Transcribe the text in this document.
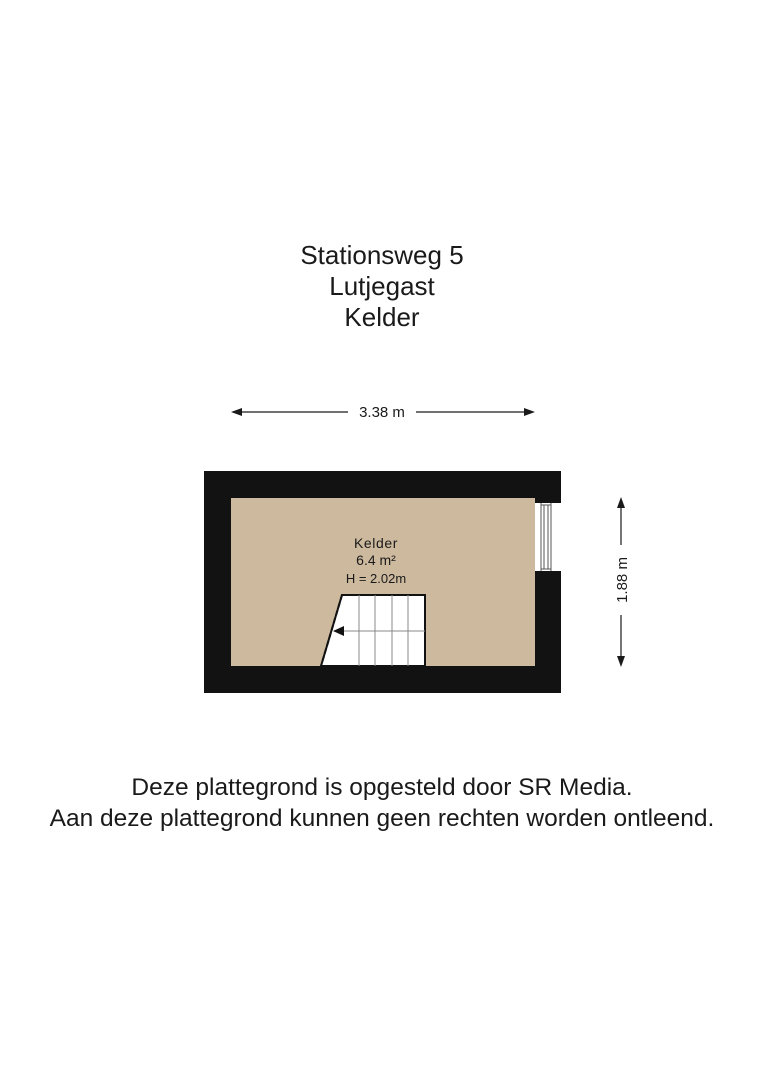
Stationsweg 5
Lutjegast
Kelder
3.38 m
1.88 m
Kelder
6.4 m²
H = 2.02m
Deze plattegrond is opgesteld door SR Media.
Aan deze plattegrond kunnen geen rechten worden ontleend.
